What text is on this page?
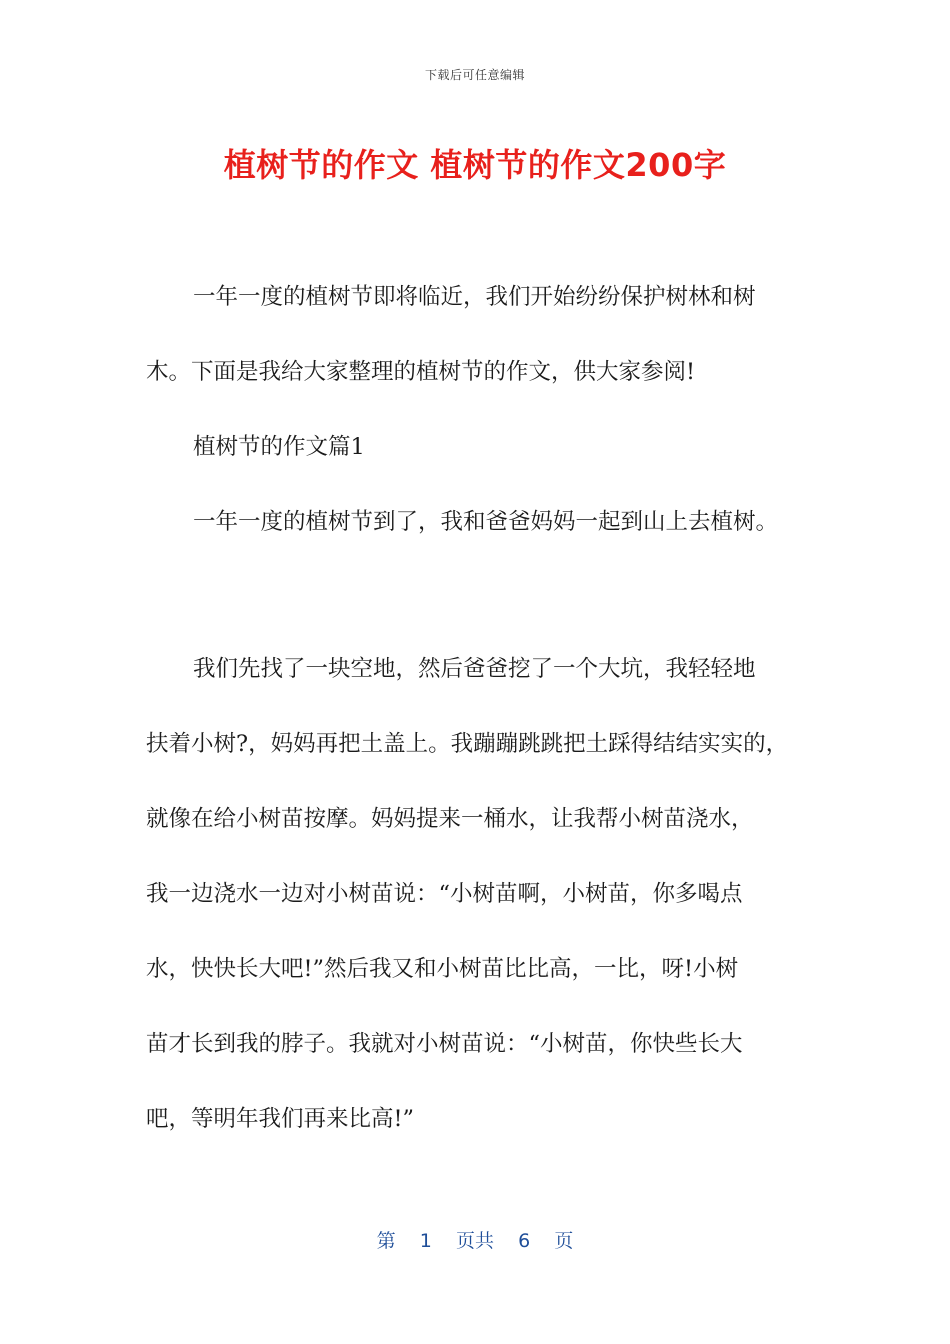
下载后可任意编辑
植树节的作文 植树节的作文200字
一年一度的植树节即将临近，我们开始纷纷保护树林和树
木。下面是我给大家整理的植树节的作文，供大家参阅!
植树节的作文篇1
一年一度的植树节到了，我和爸爸妈妈一起到山上去植树。
我们先找了一块空地，然后爸爸挖了一个大坑，我轻轻地
扶着小树?，妈妈再把土盖上。我蹦蹦跳跳把土踩得结结实实的，
就像在给小树苗按摩。妈妈提来一桶水，让我帮小树苗浇水，
我一边浇水一边对小树苗说：“小树苗啊，小树苗，你多喝点
水，快快长大吧!”然后我又和小树苗比比高，一比，呀!小树
苗才长到我的脖子。我就对小树苗说：“小树苗，你快些长大
吧，等明年我们再来比高!”
第 1 页共 6 页
